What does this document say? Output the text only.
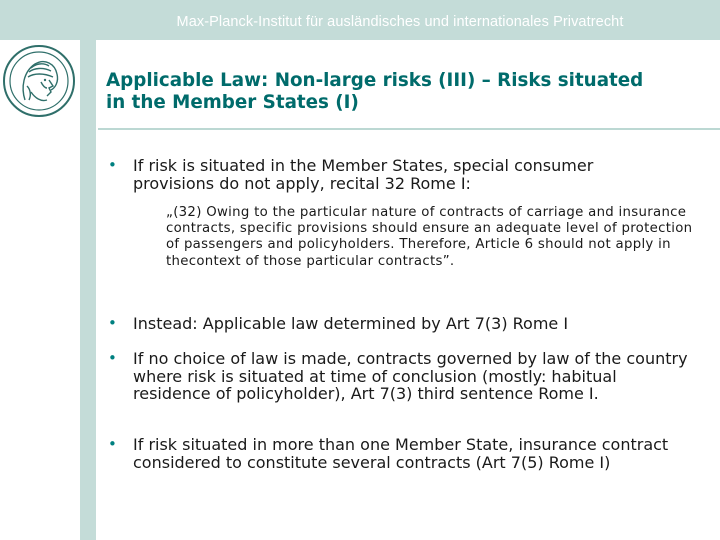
Max-Planck-Institut für ausländisches und internationales Privatrecht
Applicable Law: Non-large risks (III) – Risks situated in the Member States (I)
•	If risk is situated in the Member States, special consumer provisions do not apply, recital 32 Rome I:
„(32) Owing to the particular nature of contracts of carriage and insurance contracts, specific provisions should ensure an adequate level of protection of passengers and policyholders. Therefore, Article 6 should not apply in thecontext of those particular contracts”.
•	Instead: Applicable law determined by Art 7(3) Rome I
•	If no choice of law is made, contracts governed by law of the country where risk is situated at time of conclusion (mostly: habitual residence of policyholder), Art 7(3) third sentence Rome I.
•	If risk situated in more than one Member State, insurance contract considered to constitute several contracts (Art 7(5) Rome I)
